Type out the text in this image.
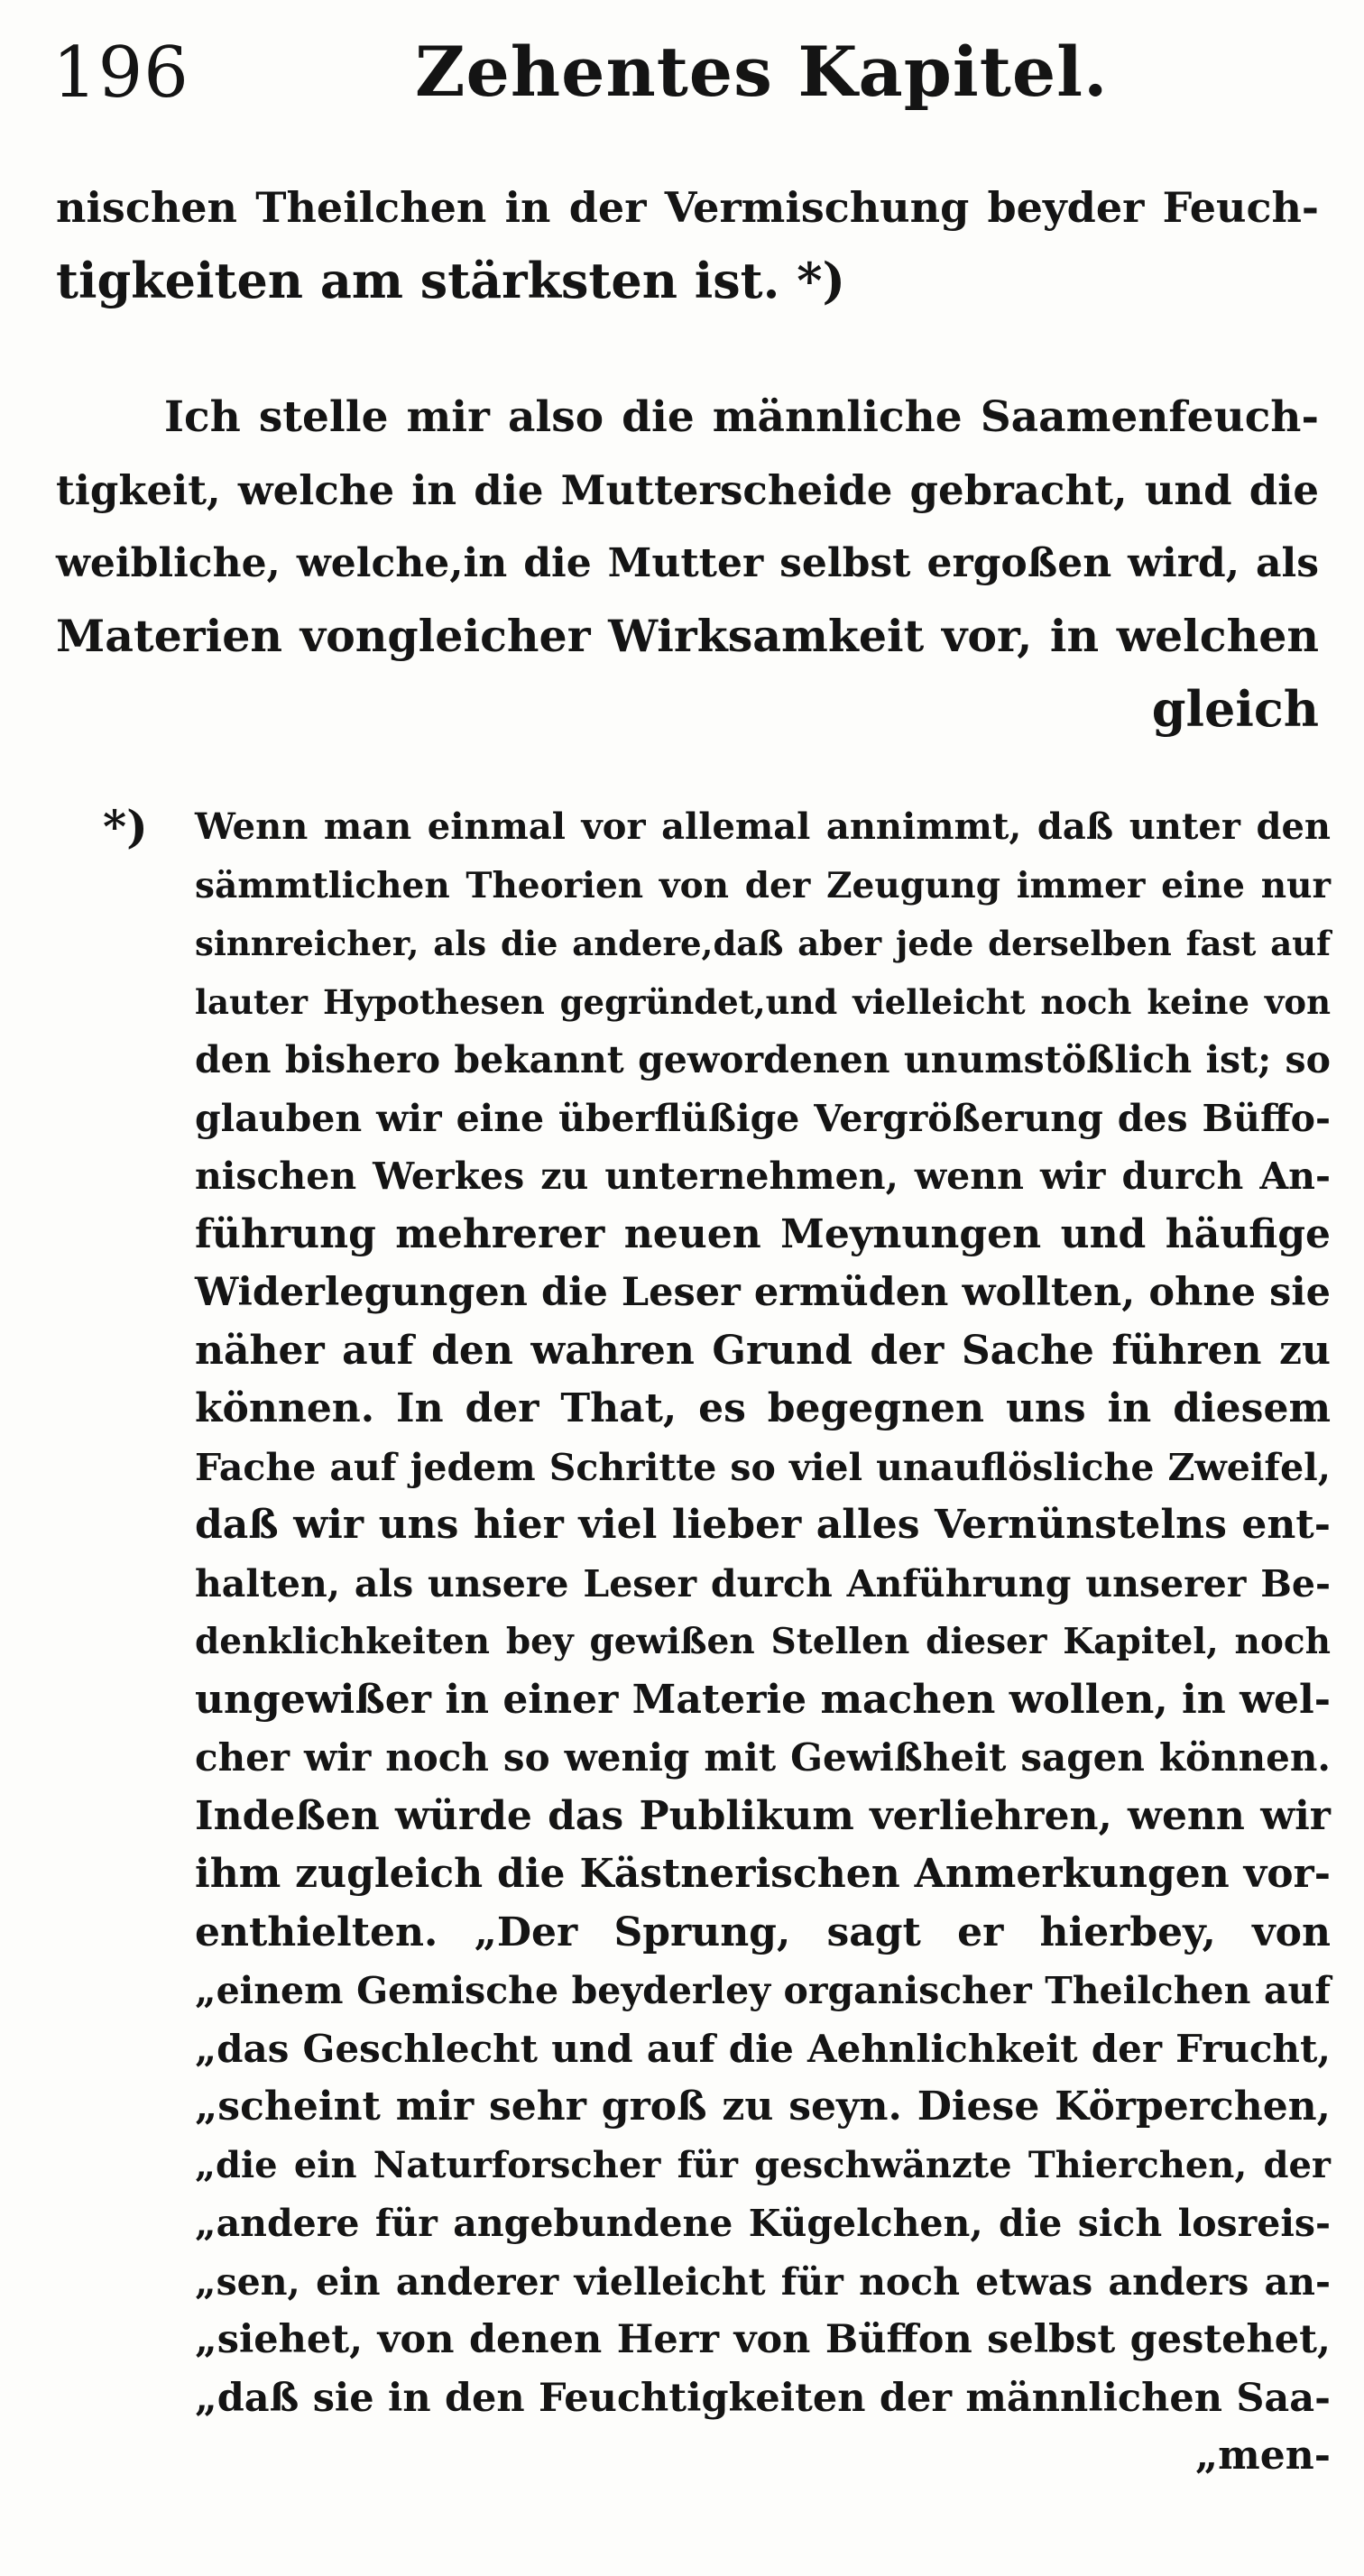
196	Zehentes Kapitel.
nischen Theilchen in der Vermischung beyder Feuch-
tigkeiten am stärksten ist. *)
Ich stelle mir also die männliche Saamenfeuch-
tigkeit, welche in die Mutterscheide gebracht, und die
weibliche, welche,in die Mutter selbst ergoßen wird, als
Materien vongleicher Wirksamkeit vor, in welchen
gleich
*)	Wenn man einmal vor allemal annimmt, daß unter den
sämmtlichen Theorien von der Zeugung immer eine nur
sinnreicher, als die andere,daß aber jede derselben fast auf
lauter Hypothesen gegründet,und vielleicht noch keine von
den bishero bekannt gewordenen unumstößlich ist; so
glauben wir eine überflüßige Vergrößerung des Büffo-
nischen Werkes zu unternehmen, wenn wir durch An-
führung mehrerer neuen Meynungen und häufige
Widerlegungen die Leser ermüden wollten, ohne sie
näher auf den wahren Grund der Sache führen zu
können. In der That, es begegnen uns in diesem
Fache auf jedem Schritte so viel unauflösliche Zweifel,
daß wir uns hier viel lieber alles Vernünstelns ent-
halten, als unsere Leser durch Anführung unserer Be-
denklichkeiten bey gewißen Stellen dieser Kapitel, noch
ungewißer in einer Materie machen wollen, in wel-
cher wir noch so wenig mit Gewißheit sagen können.
Indeßen würde das Publikum verliehren, wenn wir
ihm zugleich die Kästnerischen Anmerkungen vor-
enthielten. „Der Sprung, sagt er hierbey, von
„einem Gemische beyderley organischer Theilchen auf
„das Geschlecht und auf die Aehnlichkeit der Frucht,
„scheint mir sehr groß zu seyn. Diese Körperchen,
„die ein Naturforscher für geschwänzte Thierchen, der
„andere für angebundene Kügelchen, die sich losreis-
„sen, ein anderer vielleicht für noch etwas anders an-
„siehet, von denen Herr von Büffon selbst gestehet,
„daß sie in den Feuchtigkeiten der männlichen Saa-
„men-
